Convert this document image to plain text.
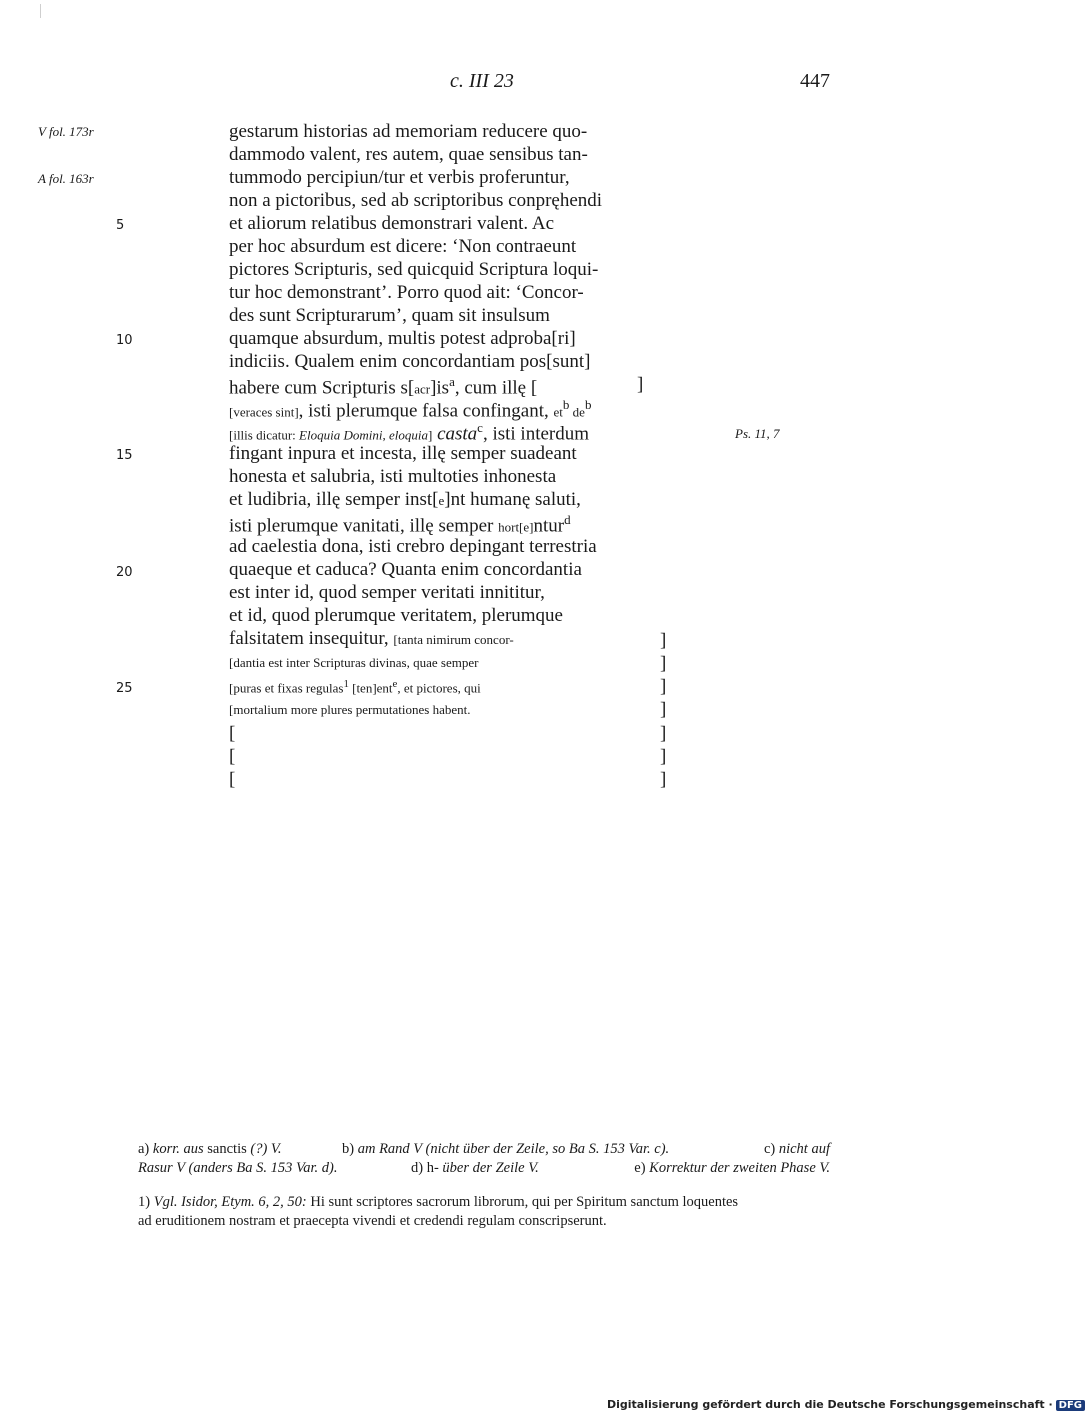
c. III 23	447
V fol. 173r
A fol. 163r
5
10
15
20
25
Ps. 11, 7
gestarum historias ad memoriam reducere quo-
dammodo valent, res autem, quae sensibus tan-
tummodo percipiun/tur et verbis proferuntur,
non a pictoribus, sed ab scriptoribus conpręhendi
et aliorum relatibus demonstrari valent. Ac
per hoc absurdum est dicere: ‘Non contraeunt
pictores Scripturis, sed quicquid Scriptura loqui-
tur hoc demonstrant’. Porro quod ait: ‘Concor-
des sunt Scripturarum’, quam sit insulsum
quamque absurdum, multis potest adproba[ri]
indiciis. Qualem enim concordantiam pos[sunt]
habere cum Scripturis $s[acr]is^a$, cum illę [	]
[veraces sint], isti plerumque falsa confingant, $et^b$ $de^b$
[illis dicatur: Eloquia Domini, eloquia] casta$^c$, isti interdum
fingant inpura et incesta, illę semper suadeant
honesta et salubria, isti multoties inhonesta
et ludibria, illę semper inst[e]nt humanę saluti,
isti plerumque vanitati, illę semper hort[e]ntur$^d$
ad caelestia dona, isti crebro depingant terrestria
quaeque et caduca? Quanta enim concordantia
est inter id, quod semper veritati innititur,
et id, quod plerumque veritatem, plerumque
falsitatem insequitur, [tanta nimirum concor-
[dantia est inter Scripturas divinas, quae semper
[puras et fixas regulas$^1$ [ten]ent$^e$, et pictores, qui
[mortalium more plures permutationes habent.
[
[
[
]
]
]
]
]
]
]
a) korr. aus sanctis (?) V.	b) am Rand V (nicht über der Zeile, so Ba S. 153 Var. c).	c) nicht auf
Rasur V (anders Ba S. 153 Var. d).	d) h- über der Zeile V.	e) Korrektur der zweiten Phase V.
1) Vgl. Isidor, Etym. 6, 2, 50: Hi sunt scriptores sacrorum librorum, qui per Spiritum sanctum loquentes
ad eruditionem nostram et praecepta vivendi et credendi regulam conscripserunt.
Digitalisierung gefördert durch die Deutsche Forschungsgemeinschaft · DFG
